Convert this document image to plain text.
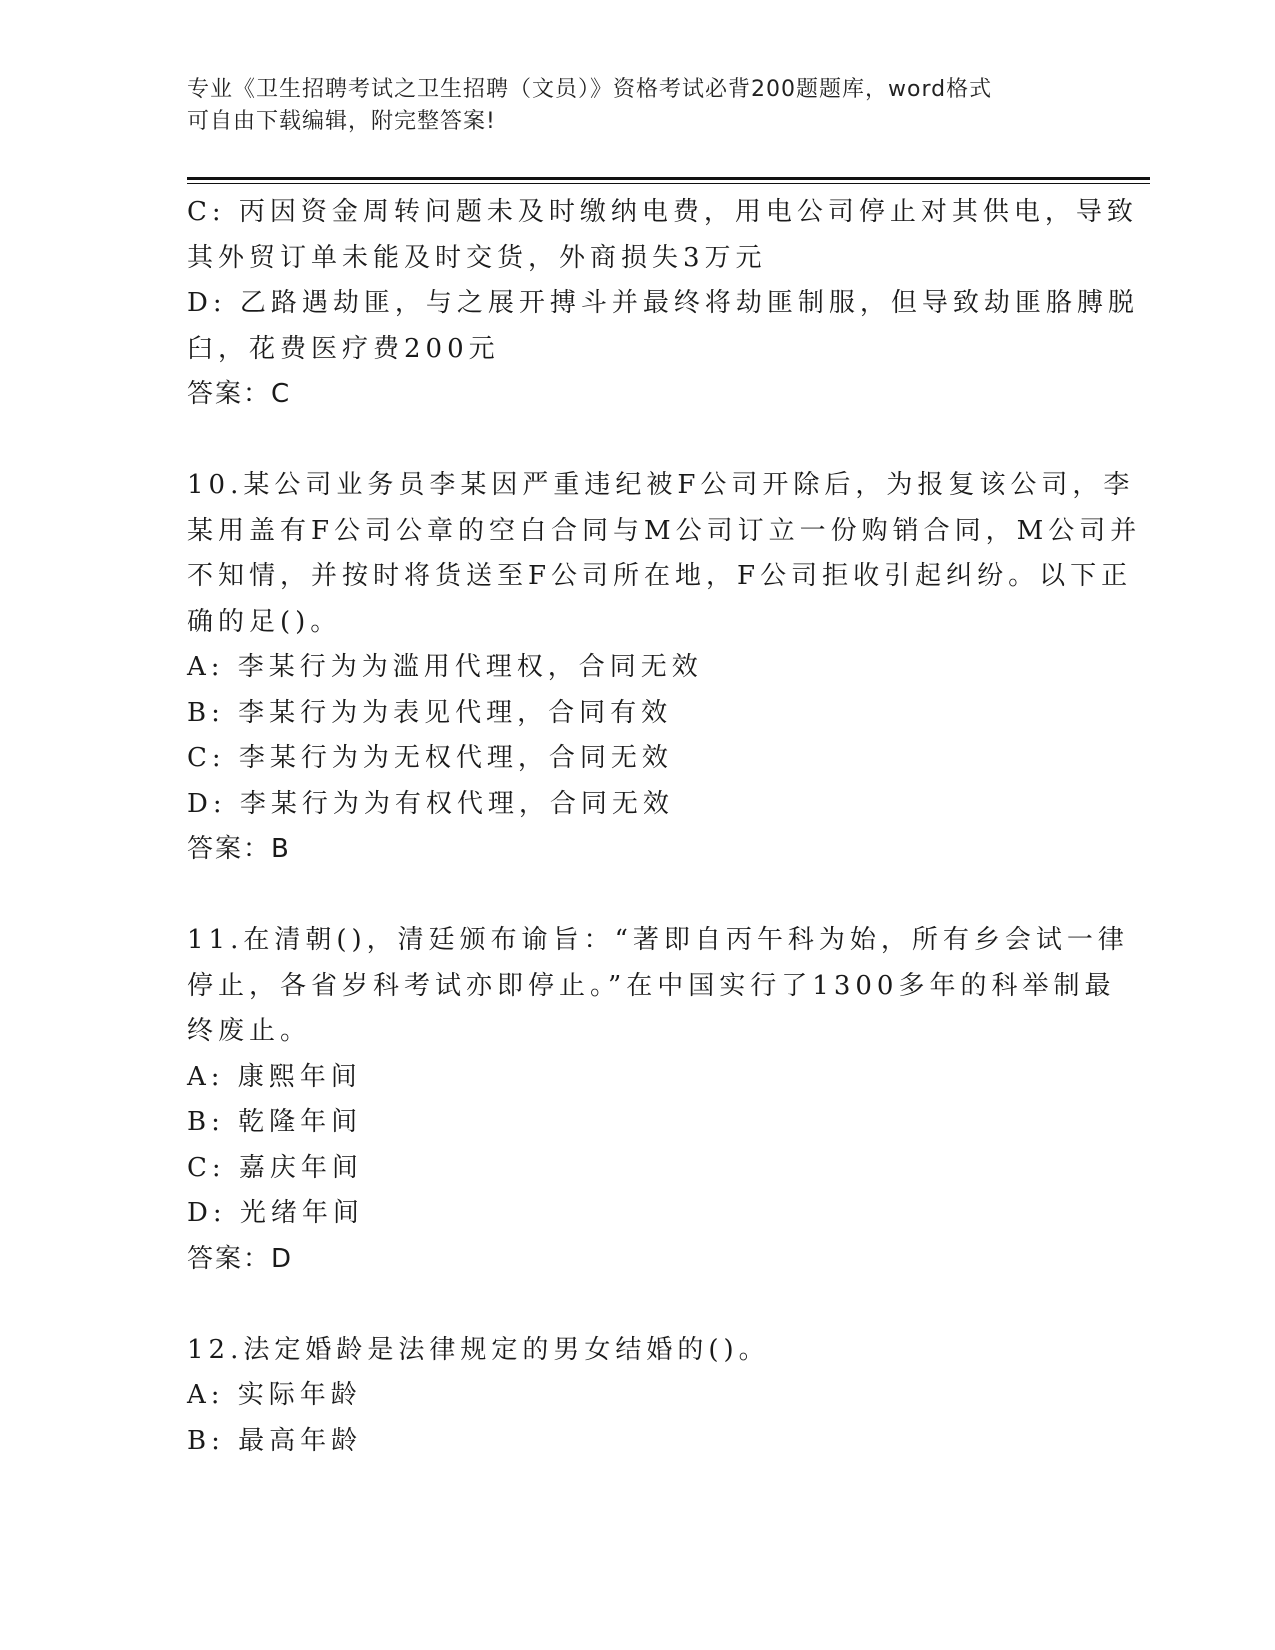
专业《卫生招聘考试之卫生招聘（文员）》资格考试必背200题题库，word格式
可自由下载编辑，附完整答案!
C: 丙因资金周转问题未及时缴纳电费，用电公司停止对其供电，导致
其外贸订单未能及时交货，外商损失3万元
D: 乙路遇劫匪，与之展开搏斗并最终将劫匪制服，但导致劫匪胳膊脱
臼，花费医疗费200元
答案：C
10.某公司业务员李某因严重违纪被F公司开除后，为报复该公司，李
某用盖有F公司公章的空白合同与M公司订立一份购销合同，M公司并
不知情，并按时将货送至F公司所在地，F公司拒收引起纠纷。以下正
确的足()。
A: 李某行为为滥用代理权，合同无效
B: 李某行为为表见代理，合同有效
C: 李某行为为无权代理，合同无效
D: 李某行为为有权代理，合同无效
答案：B
11.在清朝()，清廷颁布谕旨：“著即自丙午科为始，所有乡会试一律
停止，各省岁科考试亦即停止。”在中国实行了1300多年的科举制最
终废止。
A: 康熙年间
B: 乾隆年间
C: 嘉庆年间
D: 光绪年间
答案：D
12.法定婚龄是法律规定的男女结婚的()。
A: 实际年龄
B: 最高年龄
